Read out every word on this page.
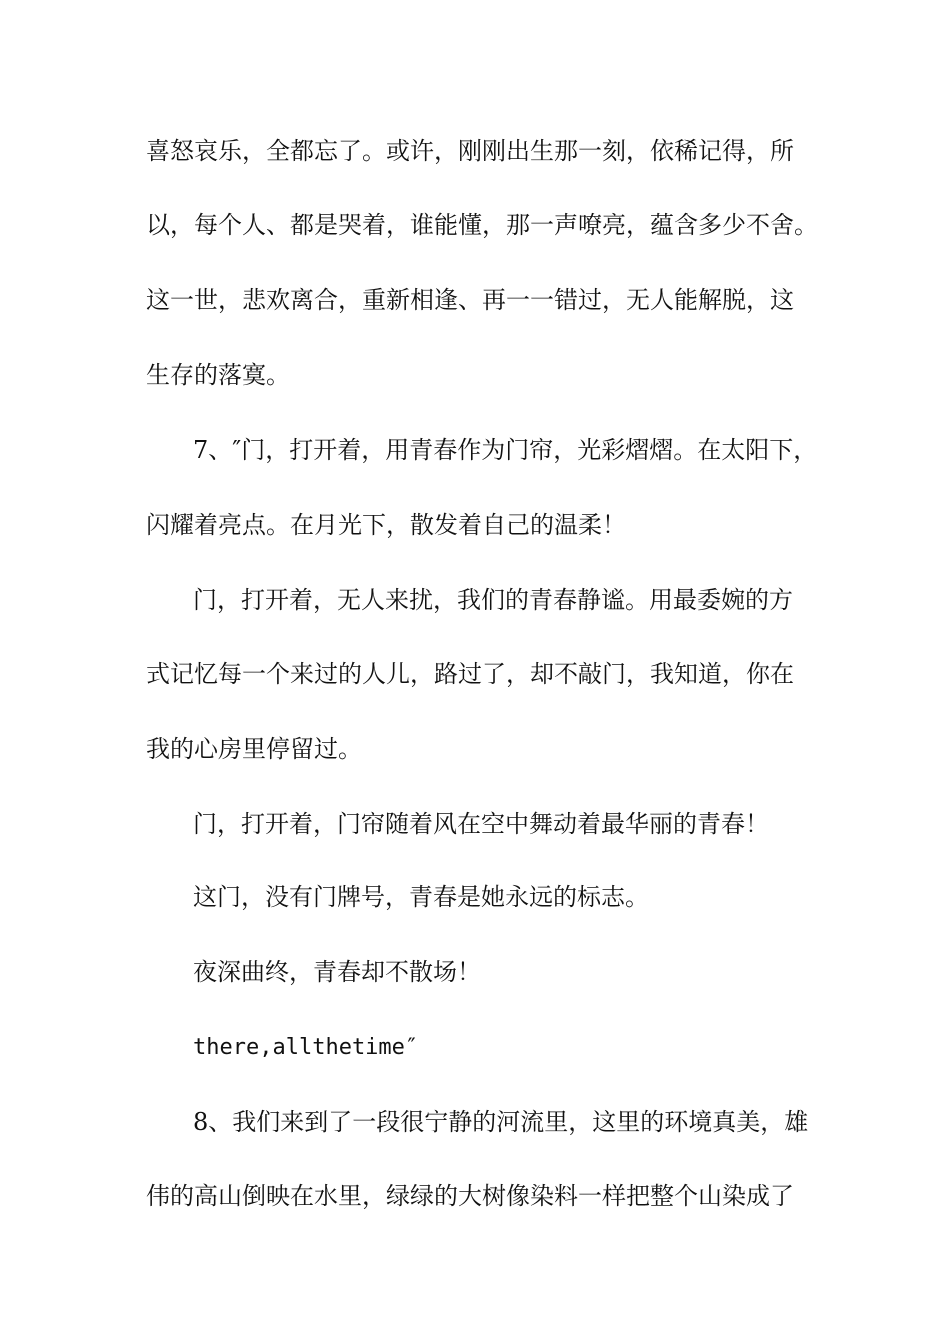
喜怒哀乐，全都忘了。或许，刚刚出生那一刻，依稀记得，所
以，每个人、都是哭着，谁能懂，那一声嘹亮，蕴含多少不舍。
这一世，悲欢离合，重新相逢、再一一错过，无人能解脱，这
生存的落寞。
7、″门，打开着，用青春作为门帘，光彩熠熠。在太阳下，
闪耀着亮点。在月光下，散发着自己的温柔！
门，打开着，无人来扰，我们的青春静谧。用最委婉的方
式记忆每一个来过的人儿，路过了，却不敲门，我知道，你在
我的心房里停留过。
门，打开着，门帘随着风在空中舞动着最华丽的青春！
这门，没有门牌号，青春是她永远的标志。
夜深曲终，青春却不散场！
there,allthetime″
8、我们来到了一段很宁静的河流里，这里的环境真美，雄
伟的高山倒映在水里，绿绿的大树像染料一样把整个山染成了
